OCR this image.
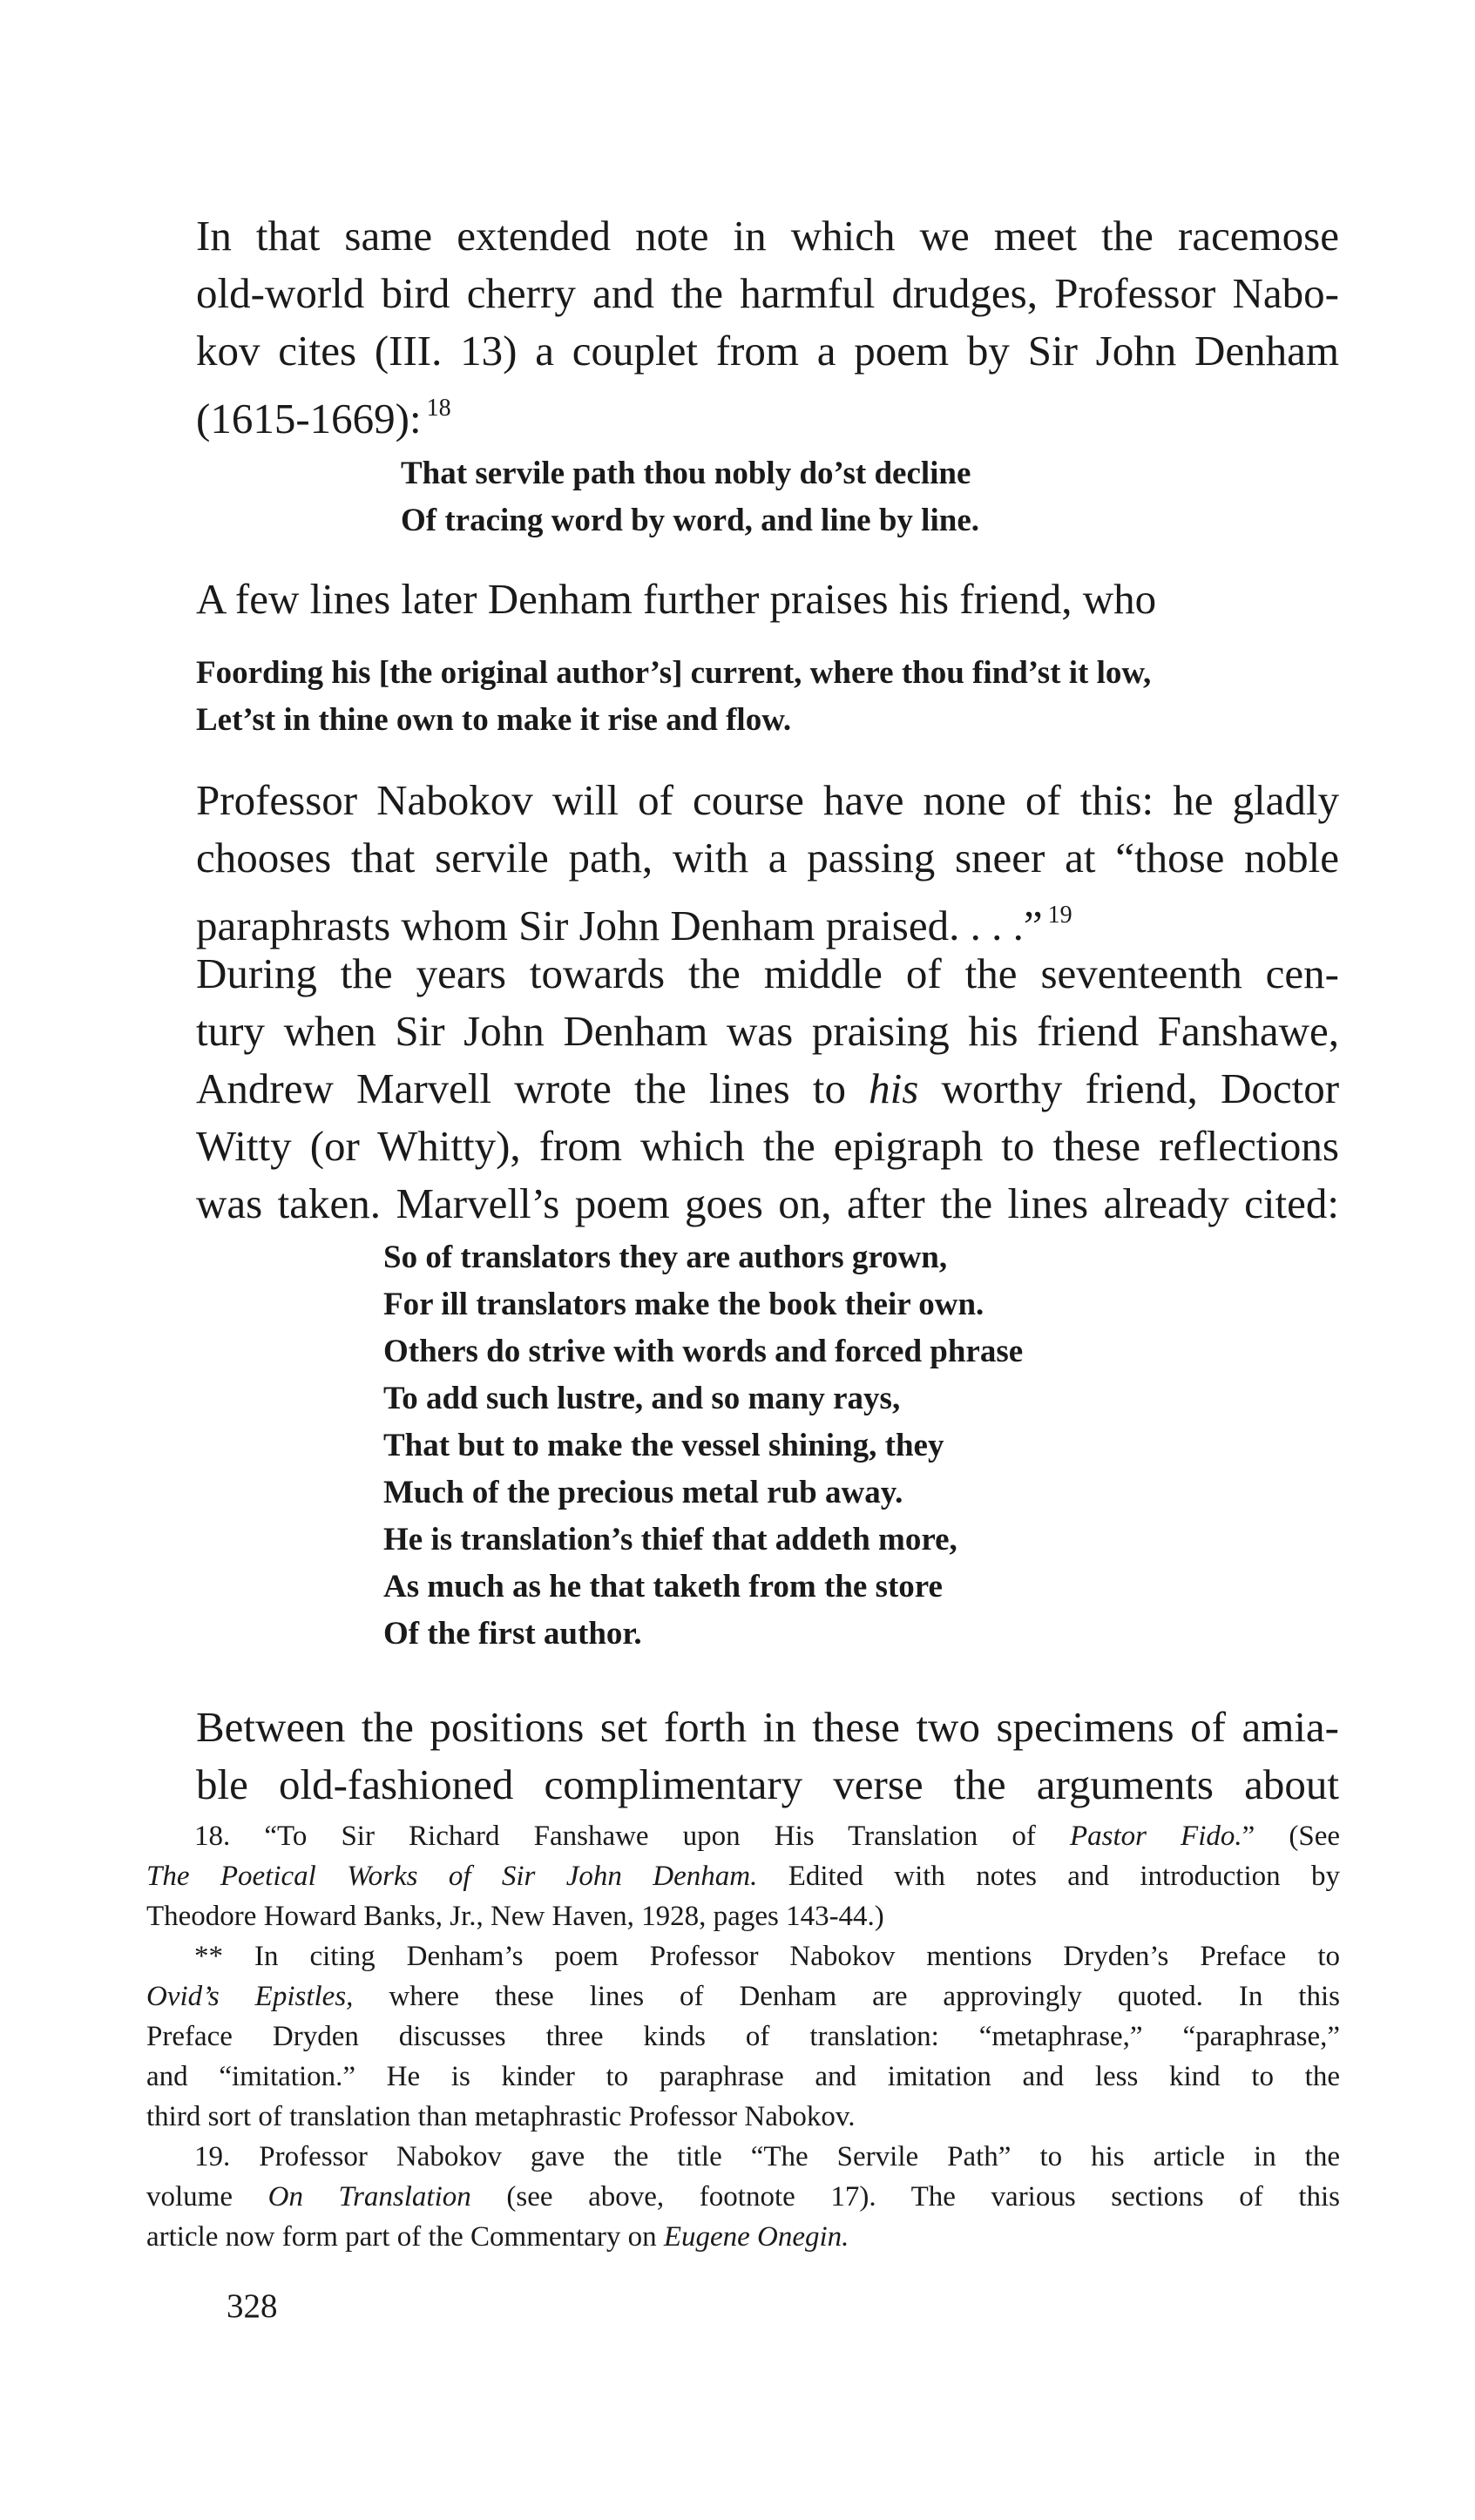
In that same extended note in which we meet the racemose
old-world bird cherry and the harmful drudges, Professor Nabo-
kov cites (III. 13) a couplet from a poem by Sir John Denham
(1615-1669): $^{18}$
That servile path thou nobly do’st decline
Of tracing word by word, and line by line.
A few lines later Denham further praises his friend, who
Foording his [the original author’s] current, where thou find’st it low,
Let’st in thine own to make it rise and flow.
Professor Nabokov will of course have none of this: he gladly
chooses that servile path, with a passing sneer at “those noble
paraphrasts whom Sir John Denham praised. . . .” $^{19}$
During the years towards the middle of the seventeenth cen-
tury when Sir John Denham was praising his friend Fanshawe,
Andrew Marvell wrote the lines to his worthy friend, Doctor
Witty (or Whitty), from which the epigraph to these reflections
was taken. Marvell’s poem goes on, after the lines already cited:
So of translators they are authors grown,
For ill translators make the book their own.
Others do strive with words and forced phrase
To add such lustre, and so many rays,
That but to make the vessel shining, they
Much of the precious metal rub away.
He is translation’s thief that addeth more,
As much as he that taketh from the store
Of the first author.
Between the positions set forth in these two specimens of amia-
ble old-fashioned complimentary verse the arguments about
18. “To Sir Richard Fanshawe upon His Translation of Pastor Fido.” (See
The Poetical Works of Sir John Denham. Edited with notes and introduction by
Theodore Howard Banks, Jr., New Haven, 1928, pages 143-44.)
** In citing Denham’s poem Professor Nabokov mentions Dryden’s Preface to
Ovid’s Epistles, where these lines of Denham are approvingly quoted. In this
Preface Dryden discusses three kinds of translation: “metaphrase,” “paraphrase,”
and “imitation.” He is kinder to paraphrase and imitation and less kind to the
third sort of translation than metaphrastic Professor Nabokov.
19. Professor Nabokov gave the title “The Servile Path” to his article in the
volume On Translation (see above, footnote 17). The various sections of this
article now form part of the Commentary on Eugene Onegin.
328
